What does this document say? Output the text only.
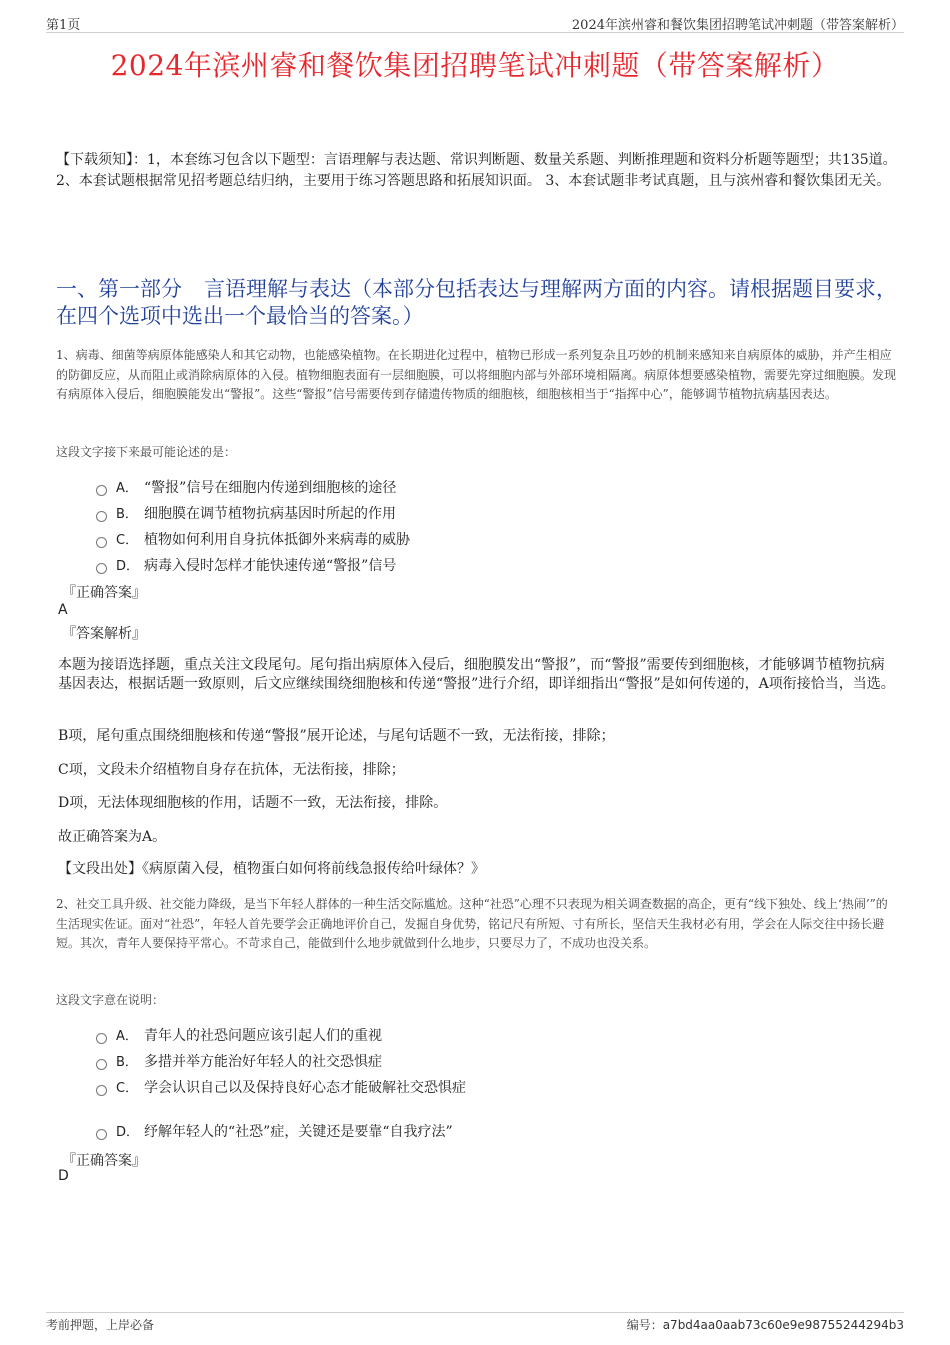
第1页	2024年滨州睿和餐饮集团招聘笔试冲刺题（带答案解析）
2024年滨州睿和餐饮集团招聘笔试冲刺题（带答案解析）
【下载须知】：1，本套练习包含以下题型：言语理解与表达题、常识判断题、数量关系题、判断推理题和资料分析题等题型；共135道。 2、本套试题根据常见招考题总结归纳，主要用于练习答题思路和拓展知识面。 3、本套试题非考试真题，且与滨州睿和餐饮集团无关。
一、第一部分 言语理解与表达（本部分包括表达与理解两方面的内容。请根据题目要求，在四个选项中选出一个最恰当的答案。）
1、病毒、细菌等病原体能感染人和其它动物，也能感染植物。在长期进化过程中，植物已形成一系列复杂且巧妙的机制来感知来自病原体的威胁，并产生相应的防御反应，从而阻止或消除病原体的入侵。植物细胞表面有一层细胞膜，可以将细胞内部与外部环境相隔离。病原体想要感染植物，需要先穿过细胞膜。发现有病原体入侵后，细胞膜能发出“警报”。这些“警报”信号需要传到存储遗传物质的细胞核，细胞核相当于“指挥中心”，能够调节植物抗病基因表达。
这段文字接下来最可能论述的是：
A． “警报”信号在细胞内传递到细胞核的途径
B． 细胞膜在调节植物抗病基因时所起的作用
C． 植物如何利用自身抗体抵御外来病毒的威胁
D． 病毒入侵时怎样才能快速传递“警报”信号
『正确答案』
A
『答案解析』
本题为接语选择题，重点关注文段尾句。尾句指出病原体入侵后，细胞膜发出“警报”，而“警报”需要传到细胞核，才能够调节植物抗病基因表达，根据话题一致原则，后文应继续围绕细胞核和传递“警报”进行介绍，即详细指出“警报”是如何传递的，A项衔接恰当，当选。
B项，尾句重点围绕细胞核和传递“警报”展开论述，与尾句话题不一致，无法衔接，排除；
C项，文段未介绍植物自身存在抗体，无法衔接，排除；
D项，无法体现细胞核的作用，话题不一致，无法衔接，排除。
故正确答案为A。
【文段出处】《病原菌入侵，植物蛋白如何将前线急报传给叶绿体？》
2、社交工具升级、社交能力降级，是当下年轻人群体的一种生活交际尴尬。这种“社恐”心理不只表现为相关调查数据的高企，更有“线下独处、线上‘热闹’”的生活现实佐证。面对“社恐”，年轻人首先要学会正确地评价自己，发掘自身优势，铭记尺有所短、寸有所长，坚信天生我材必有用，学会在人际交往中扬长避短。其次，青年人要保持平常心。不苛求自己，能做到什么地步就做到什么地步，只要尽力了，不成功也没关系。
这段文字意在说明：
A． 青年人的社恐问题应该引起人们的重视
B． 多措并举方能治好年轻人的社交恐惧症
C． 学会认识自己以及保持良好心态才能破解社交恐惧症
D． 纾解年轻人的“社恐”症，关键还是要靠“自我疗法”
『正确答案』
D
考前押题，上岸必备	编号：a7bd4aa0aab73c60e9e98755244294b3
